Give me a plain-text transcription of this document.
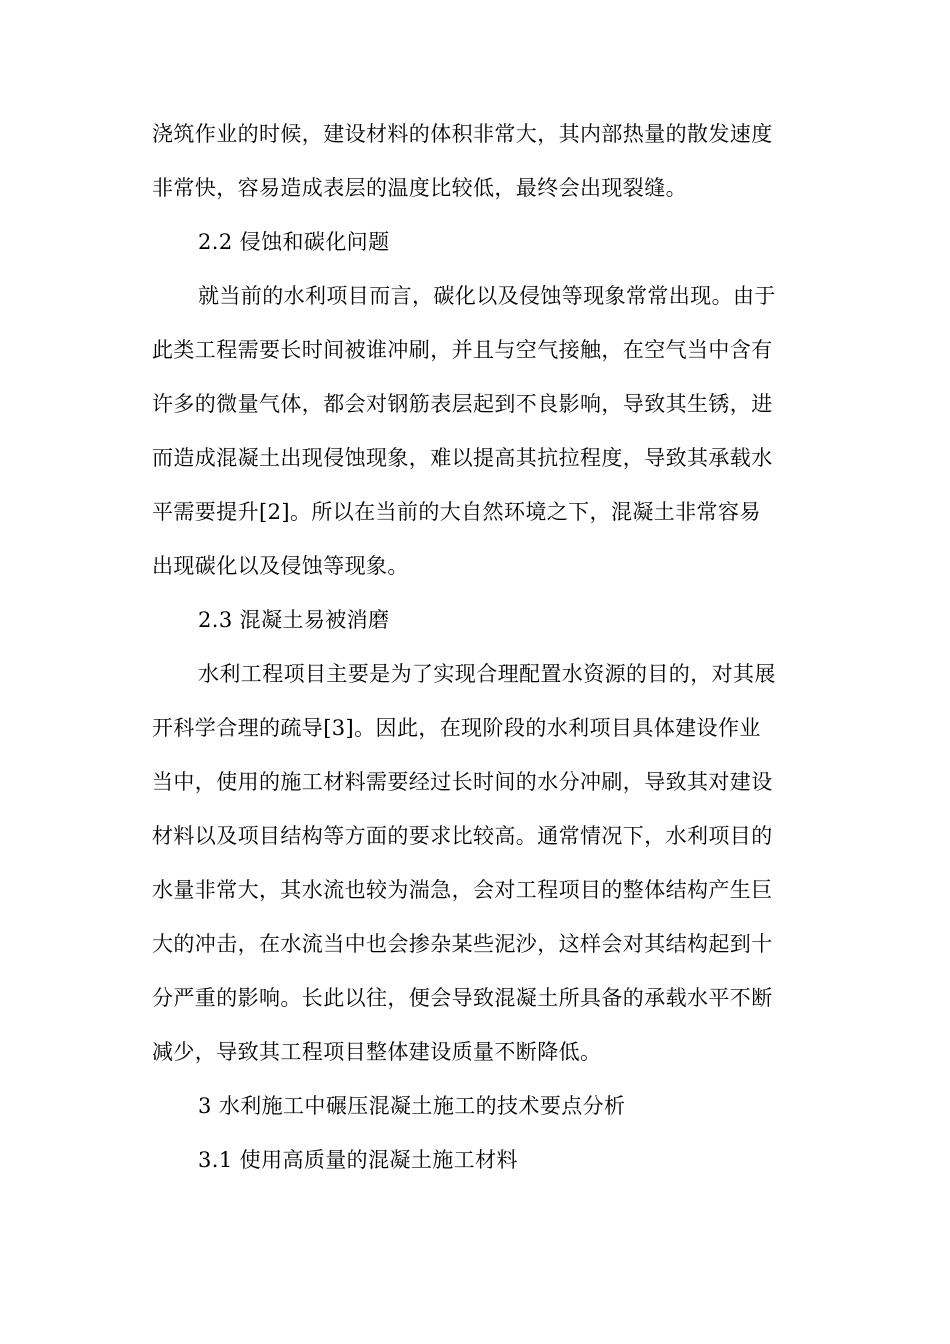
浇筑作业的时候，建设材料的体积非常大，其内部热量的散发速度
非常快，容易造成表层的温度比较低，最终会出现裂缝。
2.2 侵蚀和碳化问题
就当前的水利项目而言，碳化以及侵蚀等现象常常出现。由于
此类工程需要长时间被谁冲刷，并且与空气接触，在空气当中含有
许多的微量气体，都会对钢筋表层起到不良影响，导致其生锈，进
而造成混凝土出现侵蚀现象，难以提高其抗拉程度，导致其承载水
平需要提升[2]。所以在当前的大自然环境之下，混凝土非常容易
出现碳化以及侵蚀等现象。
2.3 混凝土易被消磨
水利工程项目主要是为了实现合理配置水资源的目的，对其展
开科学合理的疏导[3]。因此，在现阶段的水利项目具体建设作业
当中，使用的施工材料需要经过长时间的水分冲刷，导致其对建设
材料以及项目结构等方面的要求比较高。通常情况下，水利项目的
水量非常大，其水流也较为湍急，会对工程项目的整体结构产生巨
大的冲击，在水流当中也会掺杂某些泥沙，这样会对其结构起到十
分严重的影响。长此以往，便会导致混凝土所具备的承载水平不断
减少，导致其工程项目整体建设质量不断降低。
3 水利施工中碾压混凝土施工的技术要点分析
3.1 使用高质量的混凝土施工材料
